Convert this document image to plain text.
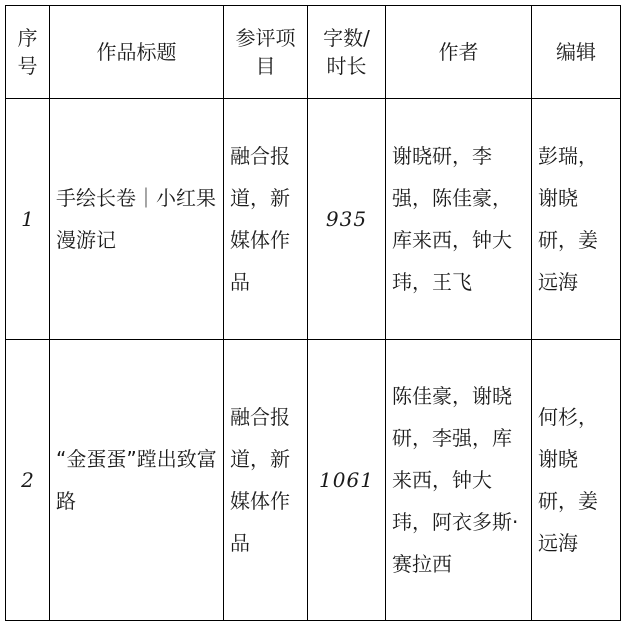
序号	作品标题	参评项目	字数/时长	作者	编辑
1	手绘长卷｜小红果漫游记	融合报道，新媒体作品	935	谢晓研，李强，陈佳豪，库来西，钟大玮，王飞	彭瑞，谢晓研，姜远海
2	“金蛋蛋”蹚出致富路	融合报道，新媒体作品	1061	陈佳豪，谢晓研，李强，库来西，钟大玮，阿衣多斯·赛拉西	何杉，谢晓研，姜远海
